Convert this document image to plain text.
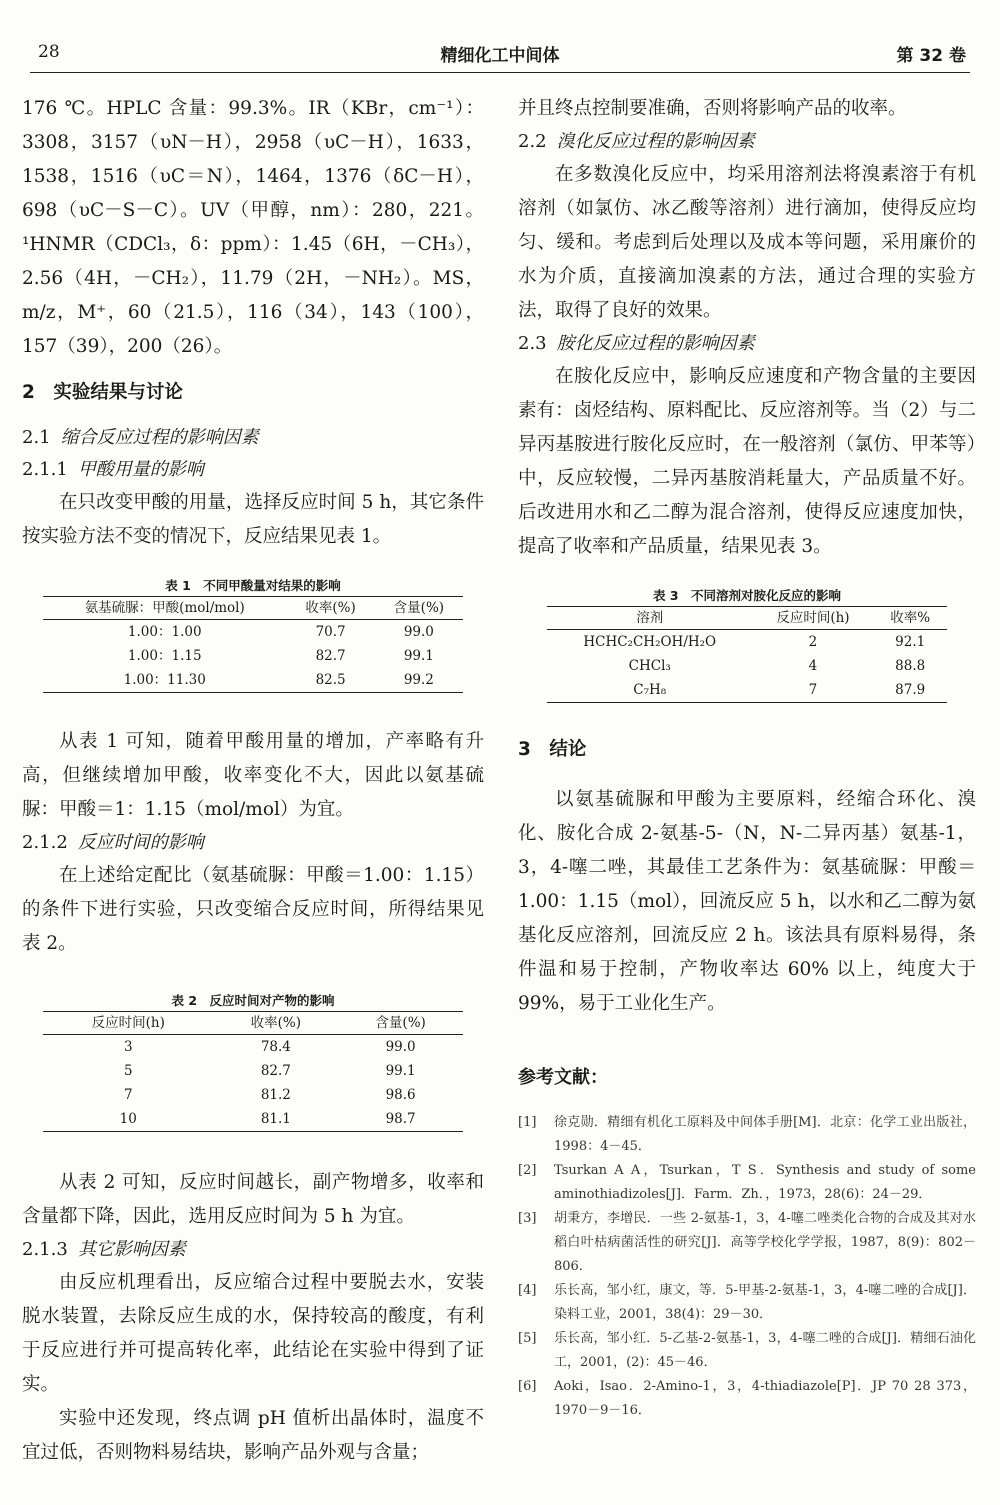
28	精细化工中间体	第 32 卷

176 ℃。HPLC 含量：99.3%。IR（KBr，cm⁻¹）：3308，3157（υN－H），2958（υC－H），1633，1538，1516（υC＝N），1464，1376（δC－H），698（υC－S－C）。UV（甲醇，nm）：280，221。¹HNMR（CDCl₃，δ：ppm）：1.45（6H，－CH₃），2.56（4H，－CH₂），11.79（2H，－NH₂）。MS，m/z，M⁺，60（21.5），116（34），143（100），157（39），200（26）。

2　 实验结果与讨论

2.1 缩合反应过程的影响因素

2.1.1 甲酸用量的影响

在只改变甲酸的用量，选择反应时间 5 h，其它条件按实验方法不变的情况下，反应结果见表 1。

表 1　不同甲酸量对结果的影响

氨基硫脲：甲酸(mol/mol)	收率(%)	含量(%)
1.00：1.00	70.7	99.0
1.00：1.15	82.7	99.1
1.00：11.30	82.5	99.2

从表 1 可知，随着甲酸用量的增加，产率略有升高，但继续增加甲酸，收率变化不大，因此以氨基硫脲：甲酸＝1：1.15（mol/mol）为宜。

2.1.2 反应时间的影响

在上述给定配比（氨基硫脲：甲酸＝1.00：1.15）的条件下进行实验，只改变缩合反应时间，所得结果见表 2。

表 2　反应时间对产物的影响

反应时间(h)	收率(%)	含量(%)
3	78.4	99.0
5	82.7	99.1
7	81.2	98.6
10	81.1	98.7

从表 2 可知，反应时间越长，副产物增多，收率和含量都下降，因此，选用反应时间为 5 h 为宜。

2.1.3 其它影响因素

由反应机理看出，反应缩合过程中要脱去水，安装脱水装置，去除反应生成的水，保持较高的酸度，有利于反应进行并可提高转化率，此结论在实验中得到了证实。

实验中还发现，终点调 pH 值析出晶体时，温度不宜过低，否则物料易结块，影响产品外观与含量；

并且终点控制要准确，否则将影响产品的收率。

2.2 溴化反应过程的影响因素

在多数溴化反应中，均采用溶剂法将溴素溶于有机溶剂（如氯仿、冰乙酸等溶剂）进行滴加，使得反应均匀、缓和。考虑到后处理以及成本等问题，采用廉价的水为介质，直接滴加溴素的方法，通过合理的实验方法，取得了良好的效果。

2.3 胺化反应过程的影响因素

在胺化反应中，影响反应速度和产物含量的主要因素有：卤烃结构、原料配比、反应溶剂等。当（2）与二异丙基胺进行胺化反应时，在一般溶剂（氯仿、甲苯等）中，反应较慢，二异丙基胺消耗量大，产品质量不好。后改进用水和乙二醇为混合溶剂，使得反应速度加快，提高了收率和产品质量，结果见表 3。

表 3　不同溶剂对胺化反应的影响

溶剂	反应时间(h)	收率%
HCHC₂CH₂OH/H₂O	2	92.1
CHCl₃	4	88.8
C₇H₈	7	87.9

3　 结论

以氨基硫脲和甲酸为主要原料，经缩合环化、溴化、胺化合成 2-氨基-5-（N，N-二异丙基）氨基-1，3，4-噻二唑，其最佳工艺条件为：氨基硫脲：甲酸＝1.00：1.15（mol），回流反应 5 h，以水和乙二醇为氨基化反应溶剂，回流反应 2 h。该法具有原料易得，条件温和易于控制，产物收率达 60% 以上，纯度大于 99%，易于工业化生产。

参考文献：

[1] 徐克勋．精细有机化工原料及中间体手册[M]．北京：化学工业出版社，1998：4－45．
[2] Tsurkan A A，Tsurkan，T S．Synthesis and study of some aminothiadizoles[J]．Farm．Zh．，1973，28(6)：24－29．
[3] 胡秉方，李增民．一些 2-氨基-1，3，4-噻二唑类化合物的合成及其对水稻白叶枯病菌活性的研究[J]．高等学校化学学报，1987，8(9)：802－806．
[4] 乐长高，邹小红，康文，等．5-甲基-2-氨基-1，3，4-噻二唑的合成[J]．染料工业，2001，38(4)：29－30．
[5] 乐长高，邹小红．5-乙基-2-氨基-1，3，4-噻二唑的合成[J]．精细石油化工，2001，(2)：45－46．
[6] Aoki，Isao．2-Amino-1，3，4-thiadiazole[P]．JP 70 28 373，1970－9－16．
